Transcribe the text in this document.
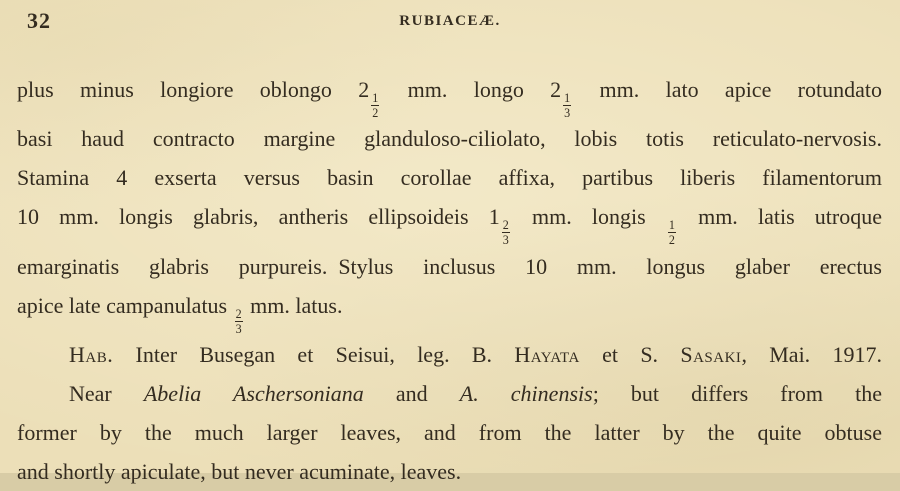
32	RUBIACEÆ.
plus minus longiore oblongo 2
$\frac{1}{2}$
mm. longo 2
$\frac{1}{3}$
mm. lato apice rotundato
basi haud contracto margine glanduloso-ciliolato, lobis totis reticulato-nervosis.
Stamina 4 exserta versus basin corollae affixa, partibus liberis filamentorum
10 mm. longis glabris, antheris ellipsoideis 1
$\frac{2}{3}$
mm. longis
$\frac{1}{2}$
mm. latis utroque
emarginatis glabris purpureis. Stylus inclusus 10 mm. longus glaber erectus
apice late campanulatus
$\frac{2}{3}$
mm. latus.
Hab. Inter Busegan et Seisui, leg. B. Hayata et S. Sasaki, Mai. 1917.
Near Abelia Aschersoniana and A. chinensis; but differs from the
former by the much larger leaves, and from the latter by the quite obtuse
and shortly apiculate, but never acuminate, leaves.
